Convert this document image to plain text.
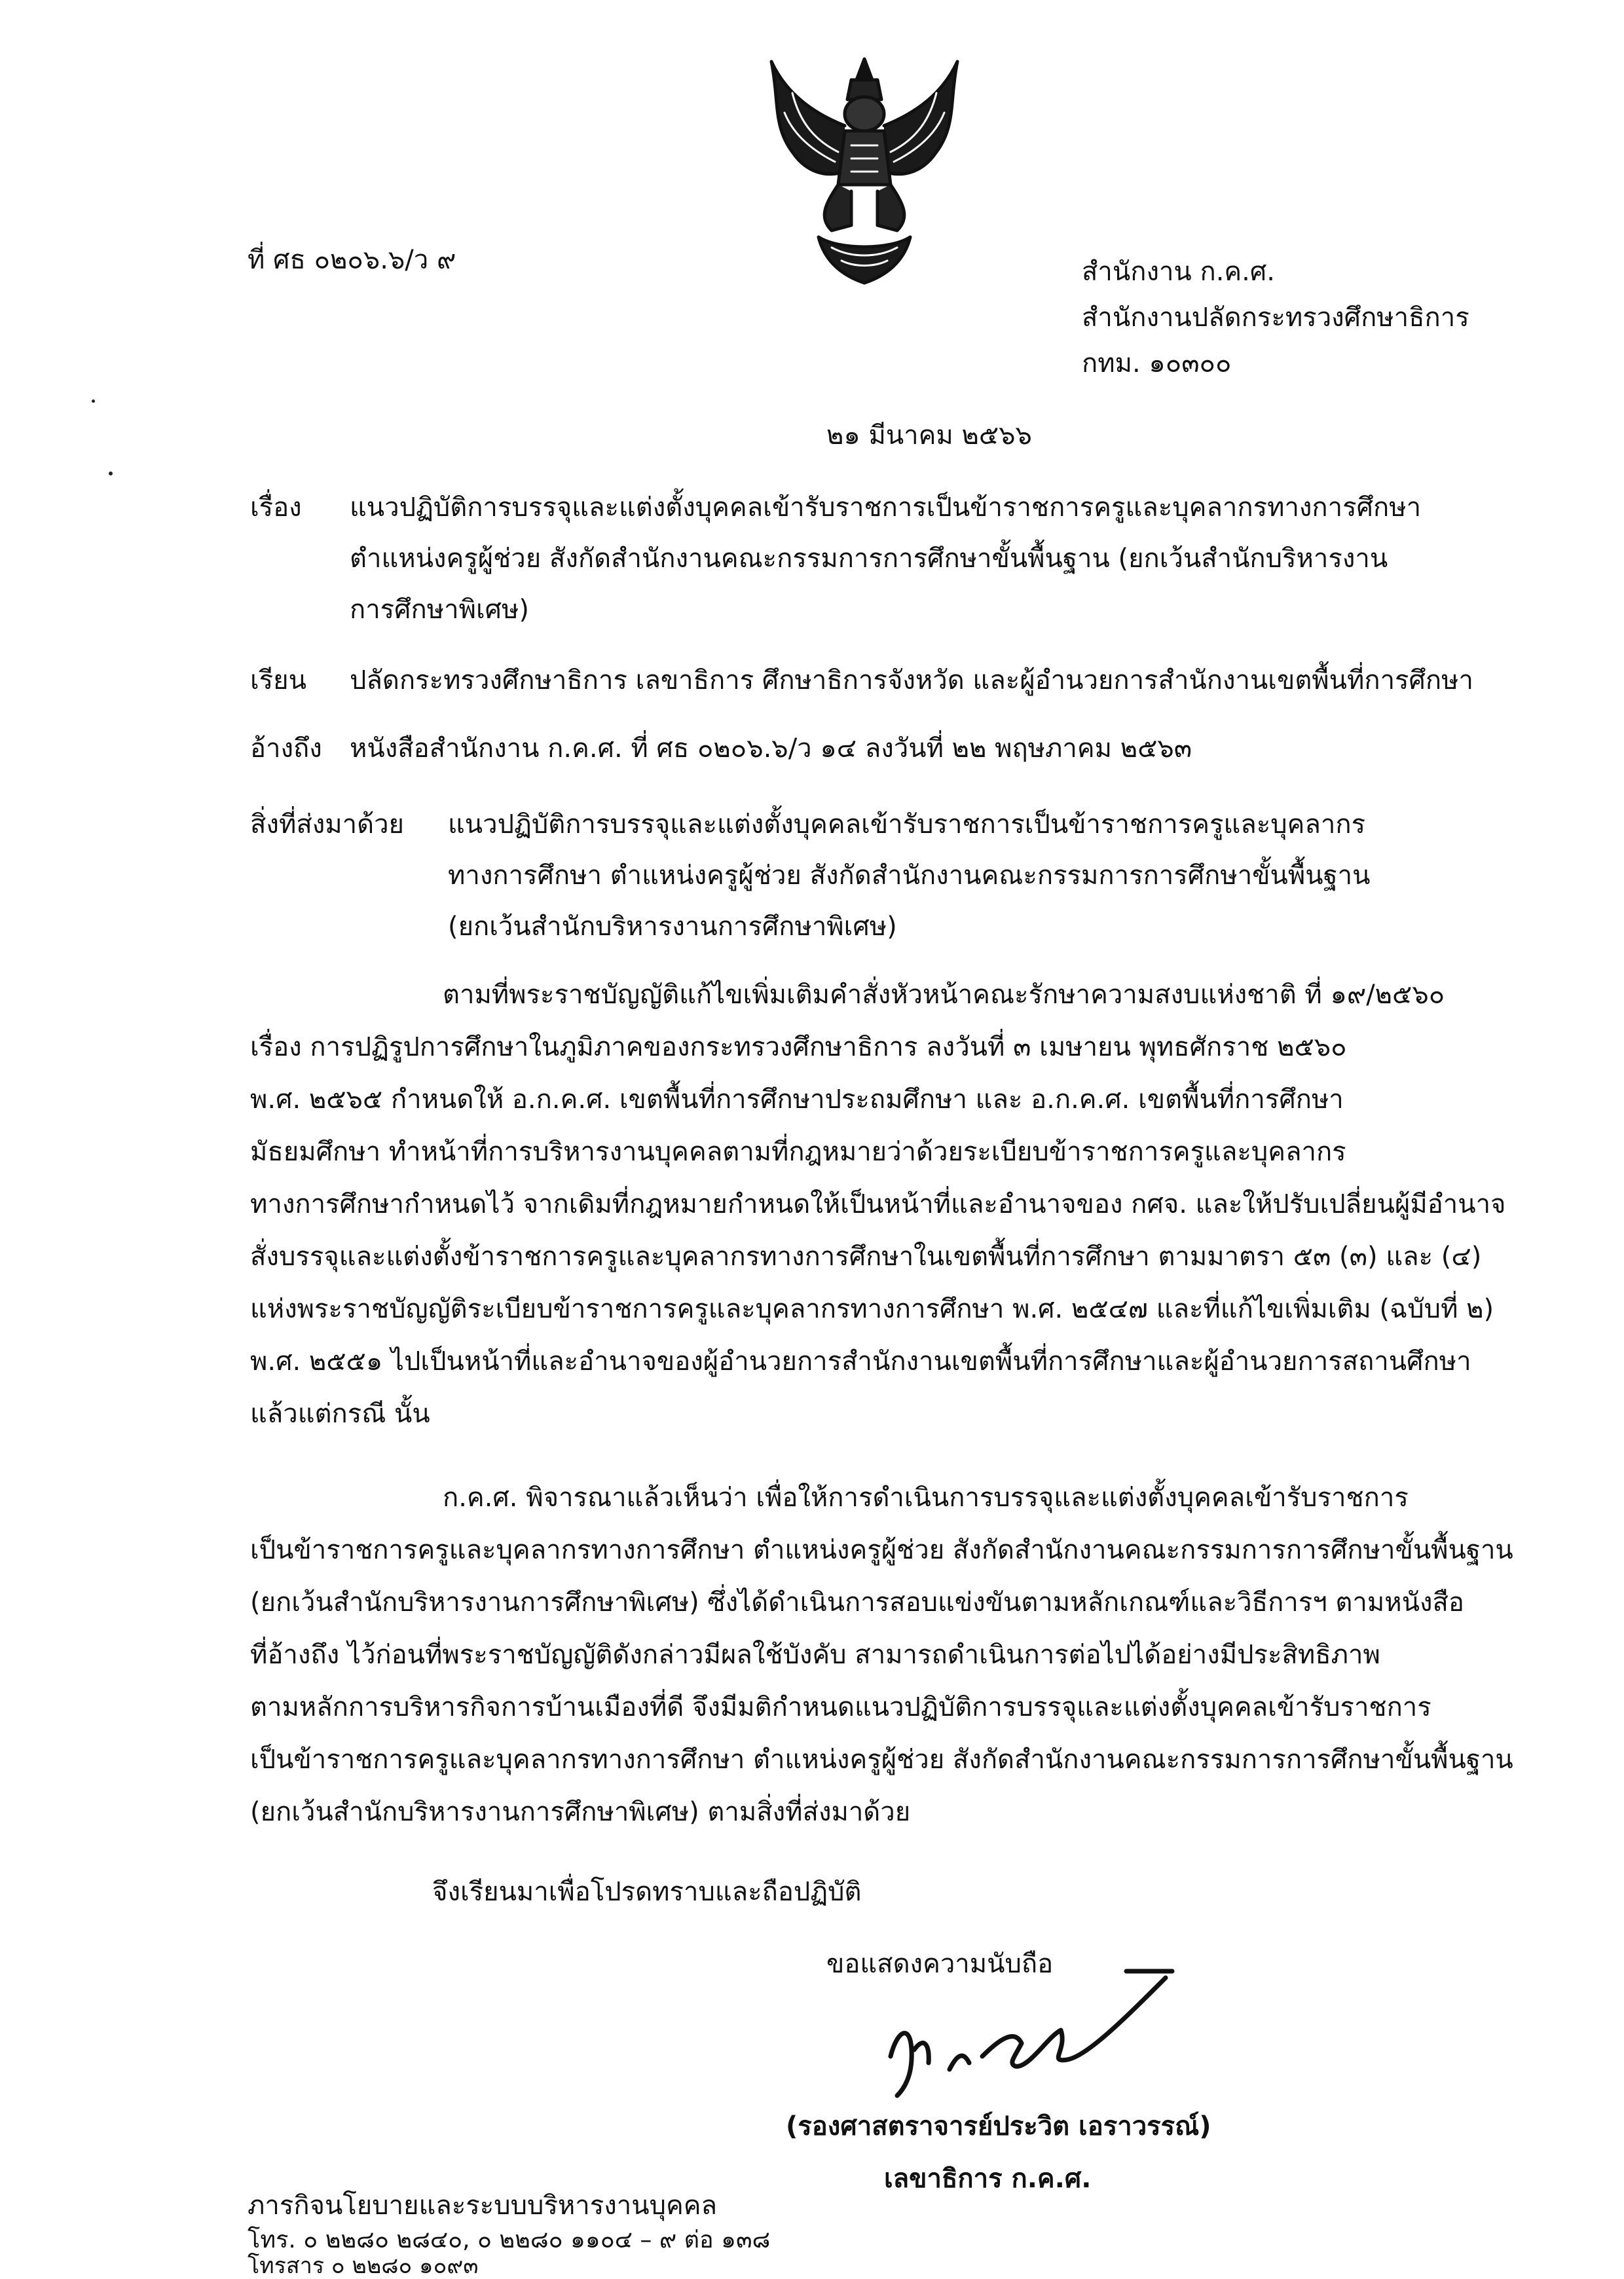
ที่ ศธ ๐๒๐๖.๖/ว ๙	สำนักงาน ก.ค.ศ.
สำนักงานปลัดกระทรวงศึกษาธิการ
กทม. ๑๐๓๐๐
๒๑ มีนาคม ๒๕๖๖
เรื่อง แนวปฏิบัติการบรรจุและแต่งตั้งบุคคลเข้ารับราชการเป็นข้าราชการครูและบุคลากรทางการศึกษา
ตำแหน่งครูผู้ช่วย สังกัดสำนักงานคณะกรรมการการศึกษาขั้นพื้นฐาน (ยกเว้นสำนักบริหารงาน
การศึกษาพิเศษ)
เรียน ปลัดกระทรวงศึกษาธิการ เลขาธิการ ศึกษาธิการจังหวัด และผู้อำนวยการสำนักงานเขตพื้นที่การศึกษา
อ้างถึง หนังสือสำนักงาน ก.ค.ศ. ที่ ศธ ๐๒๐๖.๖/ว ๑๔ ลงวันที่ ๒๒ พฤษภาคม ๒๕๖๓
สิ่งที่ส่งมาด้วย แนวปฏิบัติการบรรจุและแต่งตั้งบุคคลเข้ารับราชการเป็นข้าราชการครูและบุคลากร
ทางการศึกษา ตำแหน่งครูผู้ช่วย สังกัดสำนักงานคณะกรรมการการศึกษาขั้นพื้นฐาน
(ยกเว้นสำนักบริหารงานการศึกษาพิเศษ)
ตามที่พระราชบัญญัติแก้ไขเพิ่มเติมคำสั่งหัวหน้าคณะรักษาความสงบแห่งชาติ ที่ ๑๙/๒๕๖๐
เรื่อง การปฏิรูปการศึกษาในภูมิภาคของกระทรวงศึกษาธิการ ลงวันที่ ๓ เมษายน พุทธศักราช ๒๕๖๐
พ.ศ. ๒๕๖๕ กำหนดให้ อ.ก.ค.ศ. เขตพื้นที่การศึกษาประถมศึกษา และ อ.ก.ค.ศ. เขตพื้นที่การศึกษา
มัธยมศึกษา ทำหน้าที่การบริหารงานบุคคลตามที่กฎหมายว่าด้วยระเบียบข้าราชการครูและบุคลากร
ทางการศึกษากำหนดไว้ จากเดิมที่กฎหมายกำหนดให้เป็นหน้าที่และอำนาจของ กศจ. และให้ปรับเปลี่ยนผู้มีอำนาจ
สั่งบรรจุและแต่งตั้งข้าราชการครูและบุคลากรทางการศึกษาในเขตพื้นที่การศึกษา ตามมาตรา ๕๓ (๓) และ (๔)
แห่งพระราชบัญญัติระเบียบข้าราชการครูและบุคลากรทางการศึกษา พ.ศ. ๒๕๔๗ และที่แก้ไขเพิ่มเติม (ฉบับที่ ๒)
พ.ศ. ๒๕๕๑ ไปเป็นหน้าที่และอำนาจของผู้อำนวยการสำนักงานเขตพื้นที่การศึกษาและผู้อำนวยการสถานศึกษา
แล้วแต่กรณี นั้น
ก.ค.ศ. พิจารณาแล้วเห็นว่า เพื่อให้การดำเนินการบรรจุและแต่งตั้งบุคคลเข้ารับราชการ
เป็นข้าราชการครูและบุคลากรทางการศึกษา ตำแหน่งครูผู้ช่วย สังกัดสำนักงานคณะกรรมการการศึกษาขั้นพื้นฐาน
(ยกเว้นสำนักบริหารงานการศึกษาพิเศษ) ซึ่งได้ดำเนินการสอบแข่งขันตามหลักเกณฑ์และวิธีการฯ ตามหนังสือ
ที่อ้างถึง ไว้ก่อนที่พระราชบัญญัติดังกล่าวมีผลใช้บังคับ สามารถดำเนินการต่อไปได้อย่างมีประสิทธิภาพ
ตามหลักการบริหารกิจการบ้านเมืองที่ดี จึงมีมติกำหนดแนวปฏิบัติการบรรจุและแต่งตั้งบุคคลเข้ารับราชการ
เป็นข้าราชการครูและบุคลากรทางการศึกษา ตำแหน่งครูผู้ช่วย สังกัดสำนักงานคณะกรรมการการศึกษาขั้นพื้นฐาน
(ยกเว้นสำนักบริหารงานการศึกษาพิเศษ) ตามสิ่งที่ส่งมาด้วย
จึงเรียนมาเพื่อโปรดทราบและถือปฏิบัติ
ขอแสดงความนับถือ
(รองศาสตราจารย์ประวิต เอราวรรณ์)
เลขาธิการ ก.ค.ศ.
ภารกิจนโยบายและระบบบริหารงานบุคคล
โทร. ๐ ๒๒๘๐ ๒๘๔๐, ๐ ๒๒๘๐ ๑๑๐๔ – ๙ ต่อ ๑๓๘
โทรสาร ๐ ๒๒๘๐ ๑๐๙๓
